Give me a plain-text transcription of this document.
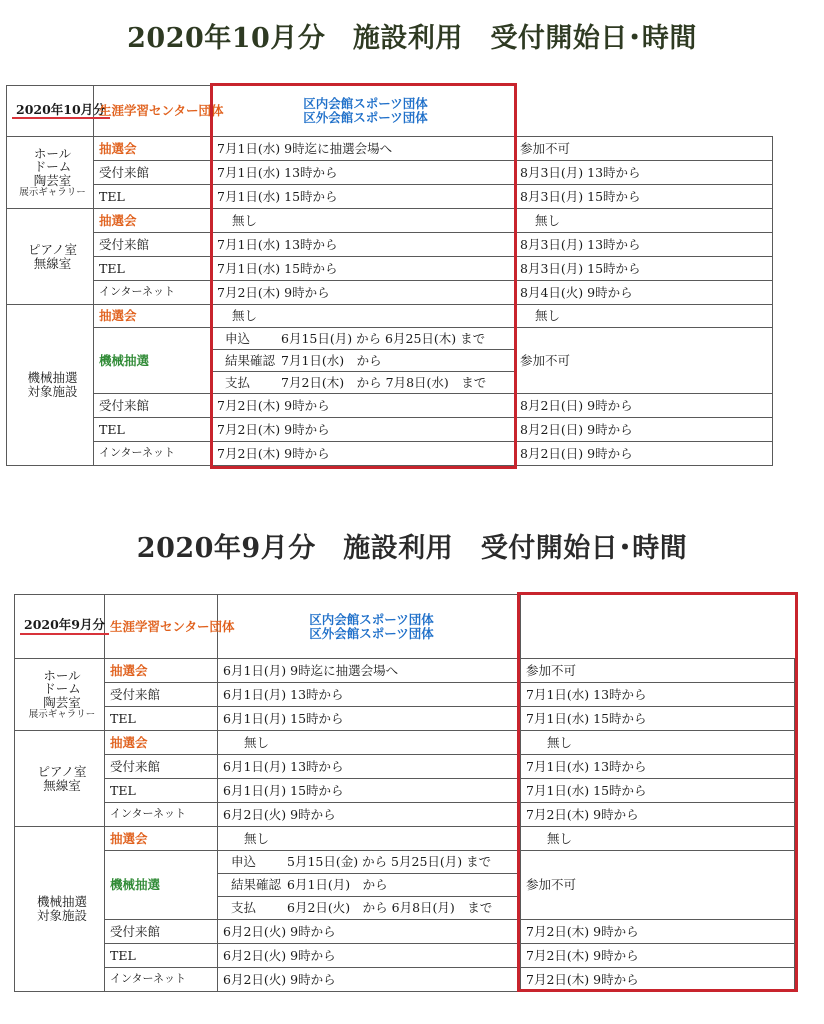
2020年10月分　施設利用　受付開始日･時間
2020年10月分	生涯学習センター団体	区内会館スポーツ団体
区外会館スポーツ団体	

ホール
ドーム
陶芸室
展示ギャラリー	抽選会	7月1日(水) 9時迄に抽選会場へ	参加不可
	受付来館	7月1日(水) 13時から	8月3日(月) 13時から
	TEL	7月1日(水) 15時から	8月3日(月) 15時から

ピアノ室
無線室	抽選会	無し	無し
	受付来館	7月1日(水) 13時から	8月3日(月) 13時から
	TEL	7月1日(水) 15時から	8月3日(月) 15時から
	インターネット	7月2日(木) 9時から	8月4日(火) 9時から

機械抽選
対象施設	抽選会	無し	無し
	機械抽選	申込 6月15日(月) から 6月25日(木) まで	参加不可
		結果確認 7月1日(水)　から	
		支払 7月2日(木)　から 7月8日(水)　まで	
	受付来館	7月2日(木) 9時から	8月2日(日) 9時から
	TEL	7月2日(木) 9時から	8月2日(日) 9時から
	インターネット	7月2日(木) 9時から	8月2日(日) 9時から
2020年9月分　施設利用　受付開始日･時間
2020年9月分	生涯学習センター団体	区内会館スポーツ団体
区外会館スポーツ団体	

ホール
ドーム
陶芸室
展示ギャラリー	抽選会	6月1日(月) 9時迄に抽選会場へ	参加不可
	受付来館	6月1日(月) 13時から	7月1日(水) 13時から
	TEL	6月1日(月) 15時から	7月1日(水) 15時から

ピアノ室
無線室	抽選会	無し	無し
	受付来館	6月1日(月) 13時から	7月1日(水) 13時から
	TEL	6月1日(月) 15時から	7月1日(水) 15時から
	インターネット	6月2日(火) 9時から	7月2日(木) 9時から

機械抽選
対象施設	抽選会	無し	無し
	機械抽選	申込 5月15日(金) から 5月25日(月) まで	参加不可
		結果確認 6月1日(月)　から	
		支払 6月2日(火)　から 6月8日(月)　まで	
	受付来館	6月2日(火) 9時から	7月2日(木) 9時から
	TEL	6月2日(火) 9時から	7月2日(木) 9時から
	インターネット	6月2日(火) 9時から	7月2日(木) 9時から
